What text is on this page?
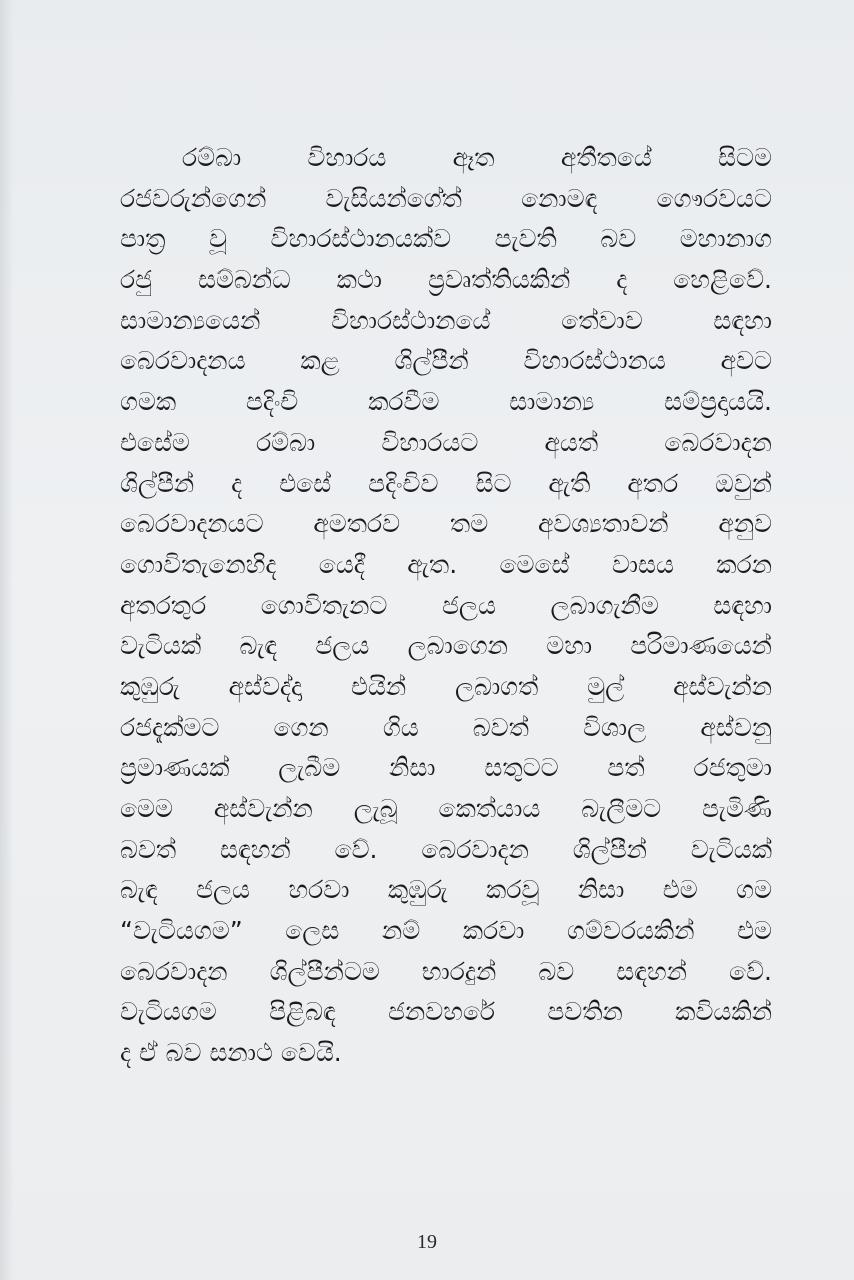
රම්බා විහාරය ඈත අතීතයේ සිටම
රජවරුන්ගෙන් වැසියන්ගේත් නොමඳ ගෞරවයට
පාත්‍ර වූ විහාරස්ථානයක්ව පැවති බව මහානාග
රජු සම්බන්ධ කථා ප්‍රවෘත්තියකින් ද හෙළිවේ.
සාමාන්‍යයෙන් විහාරස්ථානයේ තේවාව සඳහා
බෙරවාදනය කළ ශිල්පීන් විහාරස්ථානය අවට
ගමක පදිංචි කරවීම සාමාන්‍ය සම්ප්‍රදායයි.
එසේම රම්බා විහාරයට අයත් බෙරවාදන
ශිල්පීන් ද එසේ පදිංචිව සිට ඇති අතර ඔවුන්
බෙරවාදනයට අමතරව තම අවශ්‍යතාවන් අනුව
ගොවිතැනෙහිද යෙදී ඇත. මෙසේ වාසය කරන
අතරතුර ගොවිතැනට ජලය ලබාගැනීම සඳහා
වැටියක් බැඳ ජලය ලබාගෙන මහා පරිමාණයෙන්
කුඹුරු අස්වද්දා එයින් ලබාගත් මුල් අස්වැන්න
රජදැක්මට ගෙන ගිය බවත් විශාල අස්වනු
ප්‍රමාණයක් ලැබීම නිසා සතුටට පත් රජතුමා
මෙම අස්වැන්න ලැබූ කෙත්යාය බැලීමට පැමිණි
බවත් සඳහන් වේ. බෙරවාදන ශිල්පීන් වැටියක්
බැඳ ජලය හරවා කුඹුරු කරවූ නිසා එම ගම
“වැටියගම” ලෙස නම් කරවා ගම්වරයකින් එම
බෙරවාදන ශිල්පීන්ටම භාරදුන් බව සඳහන් වේ.
වැටියගම පිළිබඳ ජනවහරේ පවතින කවියකින්
ද ඒ බව සනාථ වෙයි.
19
